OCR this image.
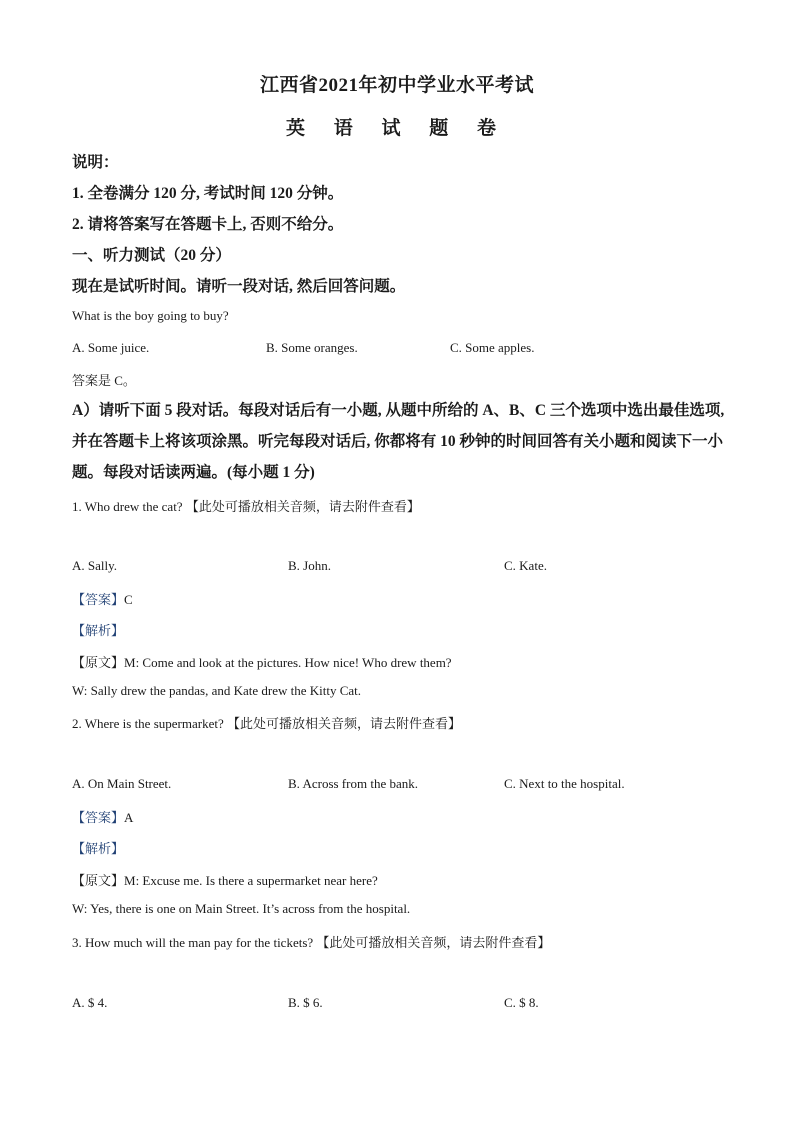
江西省2021年初中学业水平考试
英 语 试 题 卷
说明：
1. 全卷满分 120 分, 考试时间 120 分钟。
2. 请将答案写在答题卡上, 否则不给分。
一、听力测试（20 分）
现在是试听时间。请听一段对话, 然后回答问题。
What is the boy going to buy?
A. Some juice.	B. Some oranges.	C. Some apples.
答案是 C。
A）请听下面 5 段对话。每段对话后有一小题, 从题中所给的 A、B、C 三个选项中选出最佳选项, 并在答题卡上将该项涂黑。听完每段对话后, 你都将有 10 秒钟的时间回答有关小题和阅读下一小题。每段对话读两遍。(每小题 1 分)
1. Who drew the cat? 【此处可播放相关音频，请去附件查看】
A. Sally.	B. John.	C. Kate.
【答案】C
【解析】
【原文】M: Come and look at the pictures. How nice! Who drew them?
W: Sally drew the pandas, and Kate drew the Kitty Cat.
2. Where is the supermarket? 【此处可播放相关音频，请去附件查看】
A. On Main Street.	B. Across from the bank.	C. Next to the hospital.
【答案】A
【解析】
【原文】M: Excuse me. Is there a supermarket near here?
W: Yes, there is one on Main Street. It’s across from the hospital.
3. How much will the man pay for the tickets? 【此处可播放相关音频，请去附件查看】
A. $ 4.	B. $ 6.	C. $ 8.
